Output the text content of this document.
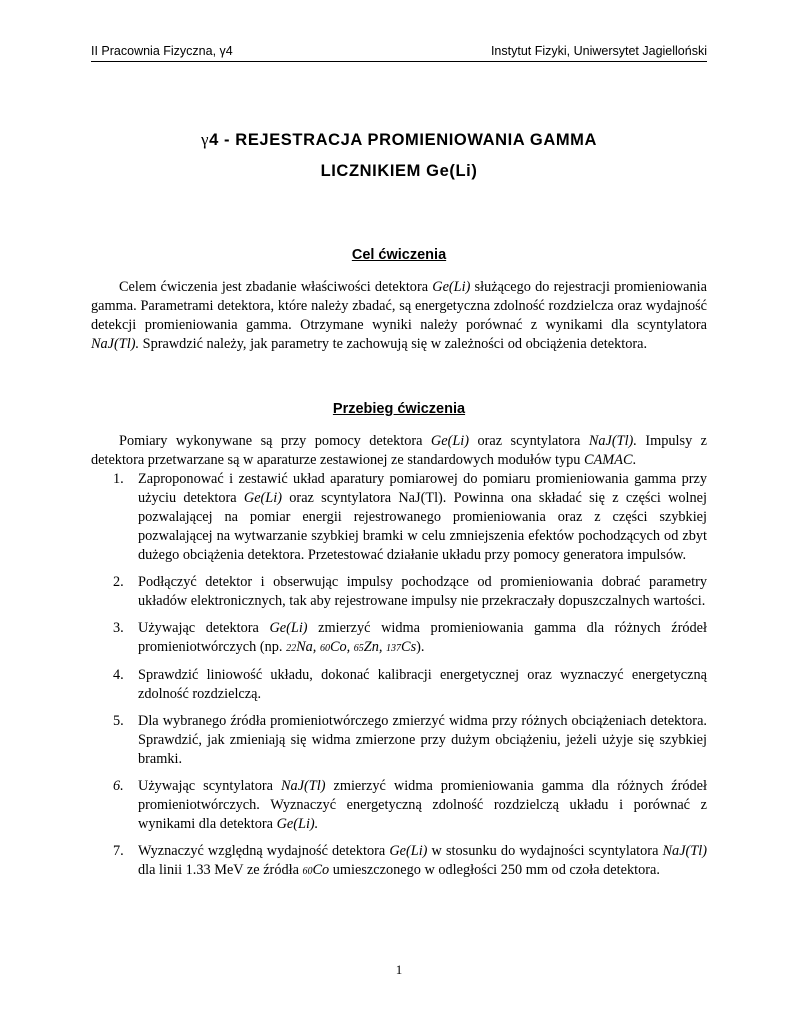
II Pracownia Fizyczna, γ4	Instytut Fizyki, Uniwersytet Jagielloński
γ4 - REJESTRACJA PROMIENIOWANIA GAMMA
LICZNIKIEM Ge(Li)
Cel ćwiczenia
Celem ćwiczenia jest zbadanie właściwości detektora Ge(Li) służącego do rejestracji promieniowania gamma. Parametrami detektora, które należy zbadać, są energetyczna zdolność rozdzielcza oraz wydajność detekcji promieniowania gamma. Otrzymane wyniki należy porównać z wynikami dla scyntylatora NaJ(Tl). Sprawdzić należy, jak parametry te zachowują się w zależności od obciążenia detektora.
Przebieg ćwiczenia
Pomiary wykonywane są przy pomocy detektora Ge(Li) oraz scyntylatora NaJ(Tl). Impulsy z detektora przetwarzane są w aparaturze zestawionej ze standardowych modułów typu CAMAC.
1. Zaproponować i zestawić układ aparatury pomiarowej do pomiaru promieniowania gamma przy użyciu detektora Ge(Li) oraz scyntylatora NaJ(Tl). Powinna ona składać się z części wolnej pozwalającej na pomiar energii rejestrowanego promieniowania oraz z części szybkiej pozwalającej na wytwarzanie szybkiej bramki w celu zmniejszenia efektów pochodzących od zbyt dużego obciążenia detektora. Przetestować działanie układu przy pomocy generatora impulsów.
2. Podłączyć detektor i obserwując impulsy pochodzące od promieniowania dobrać parametry układów elektronicznych, tak aby rejestrowane impulsy nie przekraczały dopuszczalnych wartości.
3. Używając detektora Ge(Li) zmierzyć widma promieniowania gamma dla różnych źródeł promieniotwórczych (np. 22Na, 60Co, 65Zn, 137Cs).
4. Sprawdzić liniowość układu, dokonać kalibracji energetycznej oraz wyznaczyć energetyczną zdolność rozdzielczą.
5. Dla wybranego źródła promieniotwórczego zmierzyć widma przy różnych obciążeniach detektora. Sprawdzić, jak zmieniają się widma zmierzone przy dużym obciążeniu, jeżeli użyje się szybkiej bramki.
6. Używając scyntylatora NaJ(Tl) zmierzyć widma promieniowania gamma dla różnych źródeł promieniotwórczych. Wyznaczyć energetyczną zdolność rozdzielczą układu i porównać z wynikami dla detektora Ge(Li).
7. Wyznaczyć względną wydajność detektora Ge(Li) w stosunku do wydajności scyntylatora NaJ(Tl) dla linii 1.33 MeV ze źródła 60Co umieszczonego w odległości 250 mm od czoła detektora.
1
